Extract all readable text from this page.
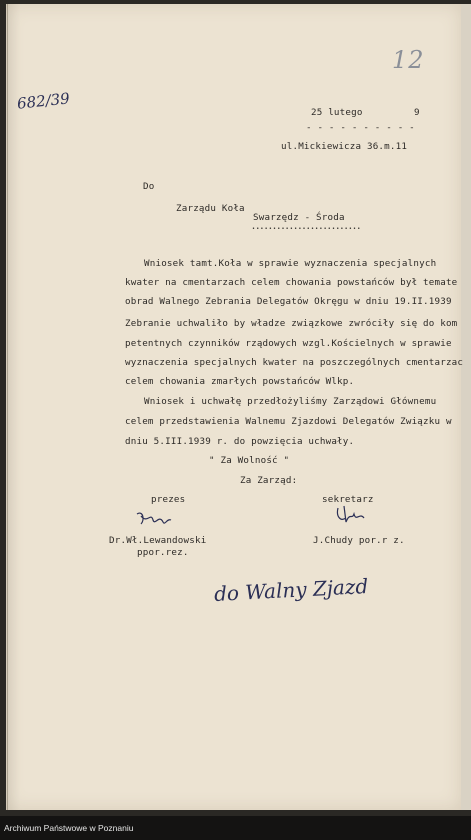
12
682/39	25 lutego	9
- - - - - - - - - -
ul.Mickiewicza 36.m.11
Do
Zarządu Koła
Swarzędz - Środa
••••••••••••••••••••••••••
Wniosek tamt.Koła w sprawie wyznaczenia specjalnych
kwater na cmentarzach celem chowania powstańców był temate
obrad Walnego Zebrania Delegatów Okręgu w dniu 19.II.1939
Zebranie uchwaliło by władze związkowe zwróciły się do kom
petentnych czynników rządowych wzgl.Kościelnych w sprawie
wyznaczenia specjalnych kwater na poszczególnych cmentarzac
celem chowania zmarłych powstańców Wlkp.
Wniosek i uchwałę przedłożyliśmy Zarządowi Głównemu
celem przedstawienia Walnemu Zjazdowi Delegatów Związku w
dniu 5.III.1939 r. do powzięcia uchwały.
" Za Wolność "
Za Zarząd:
prezes	sekretarz
Dr.Wł.Lewandowski
ppor.rez.
J.Chudy por.r z.
do Walny Zjazd
Archiwum Państwowe w Poznaniu
